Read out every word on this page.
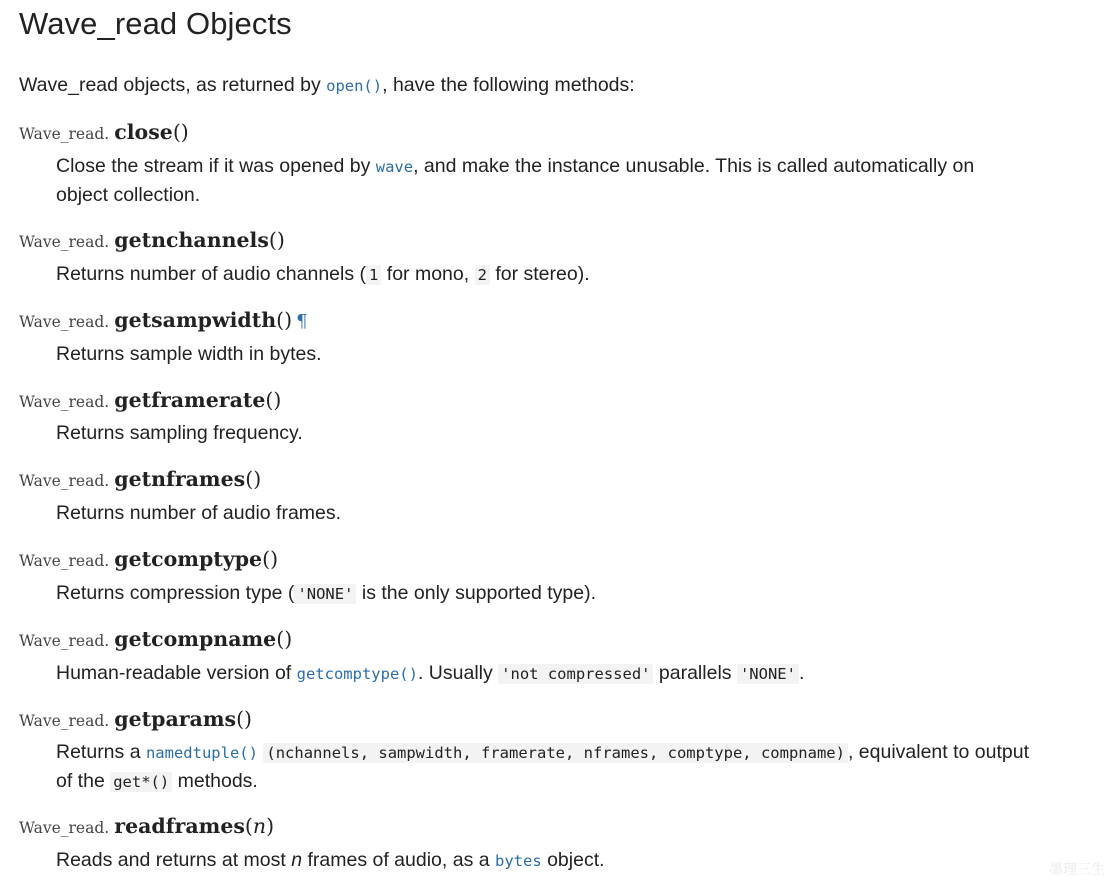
Wave_read Objects
Wave_read objects, as returned by open(), have the following methods:
Wave_read. close()
Close the stream if it was opened by wave, and make the instance unusable. This is called automatically on object collection.
Wave_read. getnchannels()
Returns number of audio channels ( 1 for mono, 2 for stereo).
Wave_read. getsampwidth() ¶
Returns sample width in bytes.
Wave_read. getframerate()
Returns sampling frequency.
Wave_read. getnframes()
Returns number of audio frames.
Wave_read. getcomptype()
Returns compression type ( 'NONE' is the only supported type).
Wave_read. getcompname()
Human-readable version of getcomptype(). Usually 'not compressed' parallels 'NONE' .
Wave_read. getparams()
Returns a namedtuple() (nchannels, sampwidth, framerate, nframes, comptype, compname) , equivalent to output of the get*() methods.
Wave_read. readframes(n)
Reads and returns at most n frames of audio, as a bytes object.	墨理三生
